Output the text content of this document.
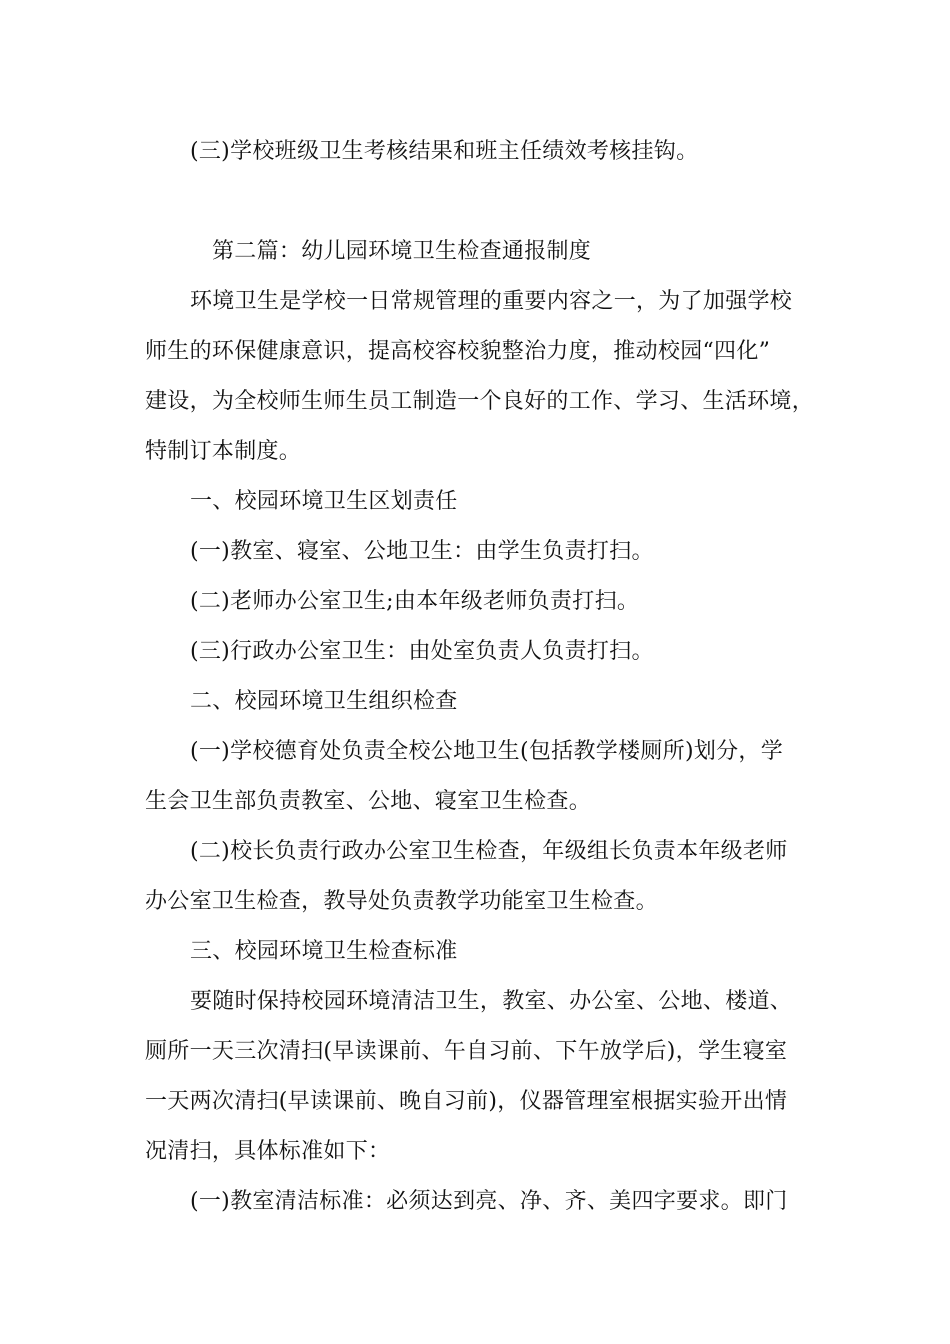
(三)学校班级卫生考核结果和班主任绩效考核挂钩。
第二篇：幼儿园环境卫生检查通报制度
环境卫生是学校一日常规管理的重要内容之一，为了加强学校
师生的环保健康意识，提高校容校貌整治力度，推动校园“四化”
建设，为全校师生师生员工制造一个良好的工作、学习、生活环境，
特制订本制度。
一、校园环境卫生区划责任
(一)教室、寝室、公地卫生：由学生负责打扫。
(二)老师办公室卫生;由本年级老师负责打扫。
(三)行政办公室卫生：由处室负责人负责打扫。
二、校园环境卫生组织检查
(一)学校德育处负责全校公地卫生(包括教学楼厕所)划分，学
生会卫生部负责教室、公地、寝室卫生检查。
(二)校长负责行政办公室卫生检查，年级组长负责本年级老师
办公室卫生检查，教导处负责教学功能室卫生检查。
三、校园环境卫生检查标准
要随时保持校园环境清洁卫生，教室、办公室、公地、楼道、
厕所一天三次清扫(早读课前、午自习前、下午放学后)，学生寝室
一天两次清扫(早读课前、晚自习前)，仪器管理室根据实验开出情
况清扫，具体标准如下：
(一)教室清洁标准：必须达到亮、净、齐、美四字要求。即门
